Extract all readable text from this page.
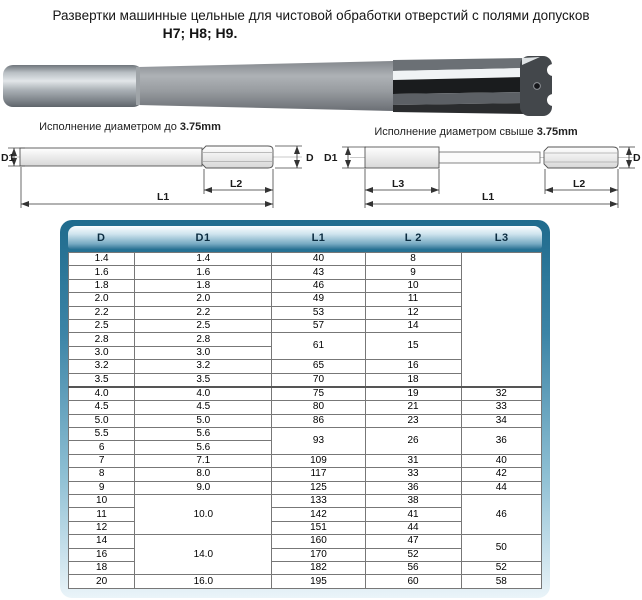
Развертки машинные цельные для чистовой обработки отверстий с полями допусков
H7; H8; H9.
Исполнение диаметром до 3.75mm	Исполнение диаметром свыше 3.75mm
D1	D
L2
L1
D1	D
L3	L2
L1
D	D1	L1	L 2	L3
1.4	1.4	40	8	
1.6	1.6	43	9	
1.8	1.8	46	10	
2.0	2.0	49	11	
2.2	2.2	53	12	
2.5	2.5	57	14	
2.8	2.8	61	15	
3.0	3.0			
3.2	3.2	65	16	
3.5	3.5	70	18	
4.0	4.0	75	19	32
4.5	4.5	80	21	33
5.0	5.0	86	23	34
5.5	5.6	93	26	36
6	5.6			
7	7.1	109	31	40
8	8.0	117	33	42
9	9.0	125	36	44
10	10.0	133	38	46
11		142	41	
12		151	44	
14	14.0	160	47	50
16		170	52	
18		182	56	52
20	16.0	195	60	58
